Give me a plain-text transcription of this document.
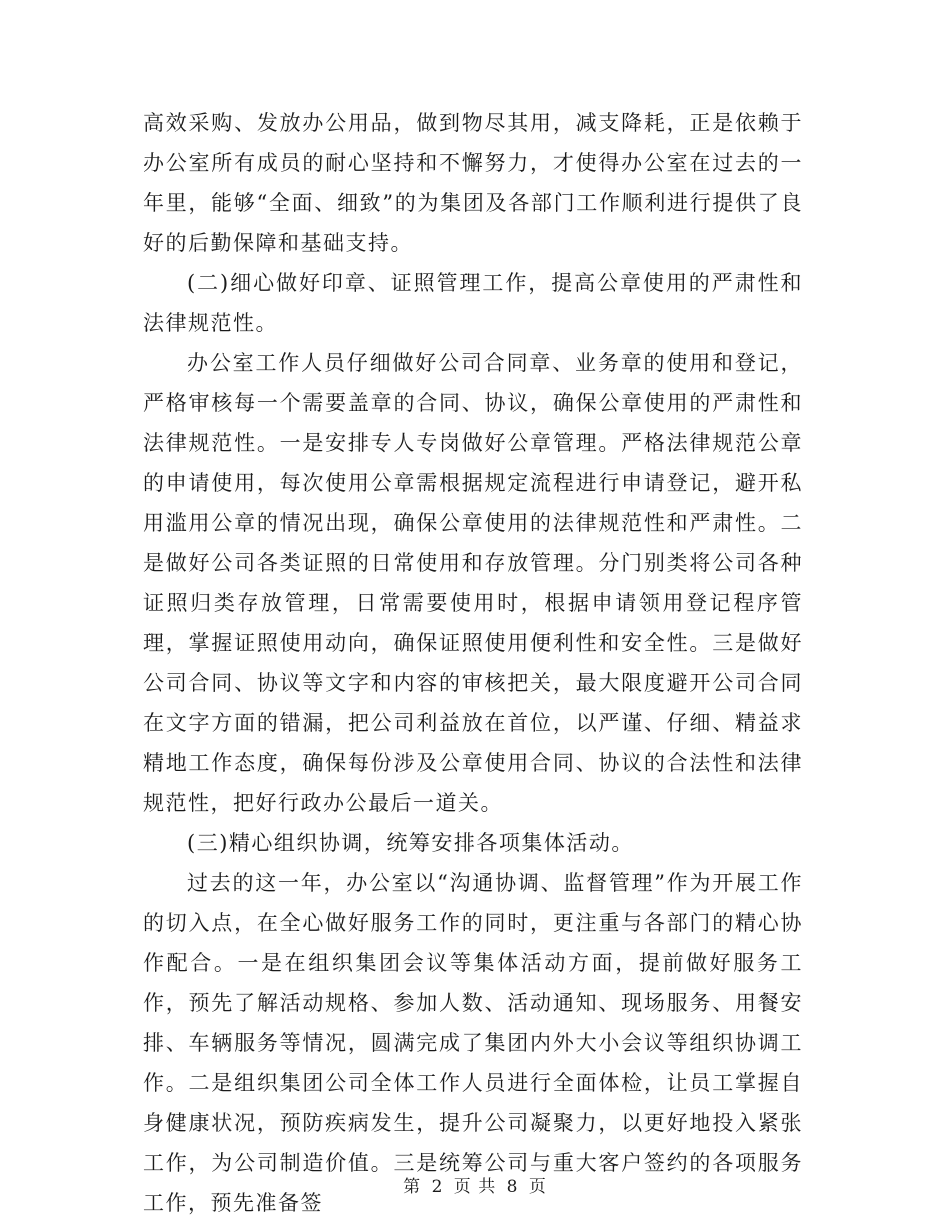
高效采购、发放办公用品，做到物尽其用，减支降耗，正是依赖于办公室所有成员的耐心坚持和不懈努力，才使得办公室在过去的一年里，能够“全面、细致”的为集团及各部门工作顺利进行提供了良好的后勤保障和基础支持。

(二)细心做好印章、证照管理工作，提高公章使用的严肃性和法律规范性。

办公室工作人员仔细做好公司合同章、业务章的使用和登记，严格审核每一个需要盖章的合同、协议，确保公章使用的严肃性和法律规范性。一是安排专人专岗做好公章管理。严格法律规范公章的申请使用，每次使用公章需根据规定流程进行申请登记，避开私用滥用公章的情况出现，确保公章使用的法律规范性和严肃性。二是做好公司各类证照的日常使用和存放管理。分门别类将公司各种证照归类存放管理，日常需要使用时，根据申请领用登记程序管理，掌握证照使用动向，确保证照使用便利性和安全性。三是做好公司合同、协议等文字和内容的审核把关，最大限度避开公司合同在文字方面的错漏，把公司利益放在首位，以严谨、仔细、精益求精地工作态度，确保每份涉及公章使用合同、协议的合法性和法律规范性，把好行政办公最后一道关。

(三)精心组织协调，统筹安排各项集体活动。

过去的这一年，办公室以“沟通协调、监督管理”作为开展工作的切入点，在全心做好服务工作的同时，更注重与各部门的精心协作配合。一是在组织集团会议等集体活动方面，提前做好服务工作，预先了解活动规格、参加人数、活动通知、现场服务、用餐安排、车辆服务等情况，圆满完成了集团内外大小会议等组织协调工作。二是组织集团公司全体工作人员进行全面体检，让员工掌握自身健康状况，预防疾病发生，提升公司凝聚力，以更好地投入紧张工作，为公司制造价值。三是统筹公司与重大客户签约的各项服务工作，预先准备签

第 2 页 共 8 页
